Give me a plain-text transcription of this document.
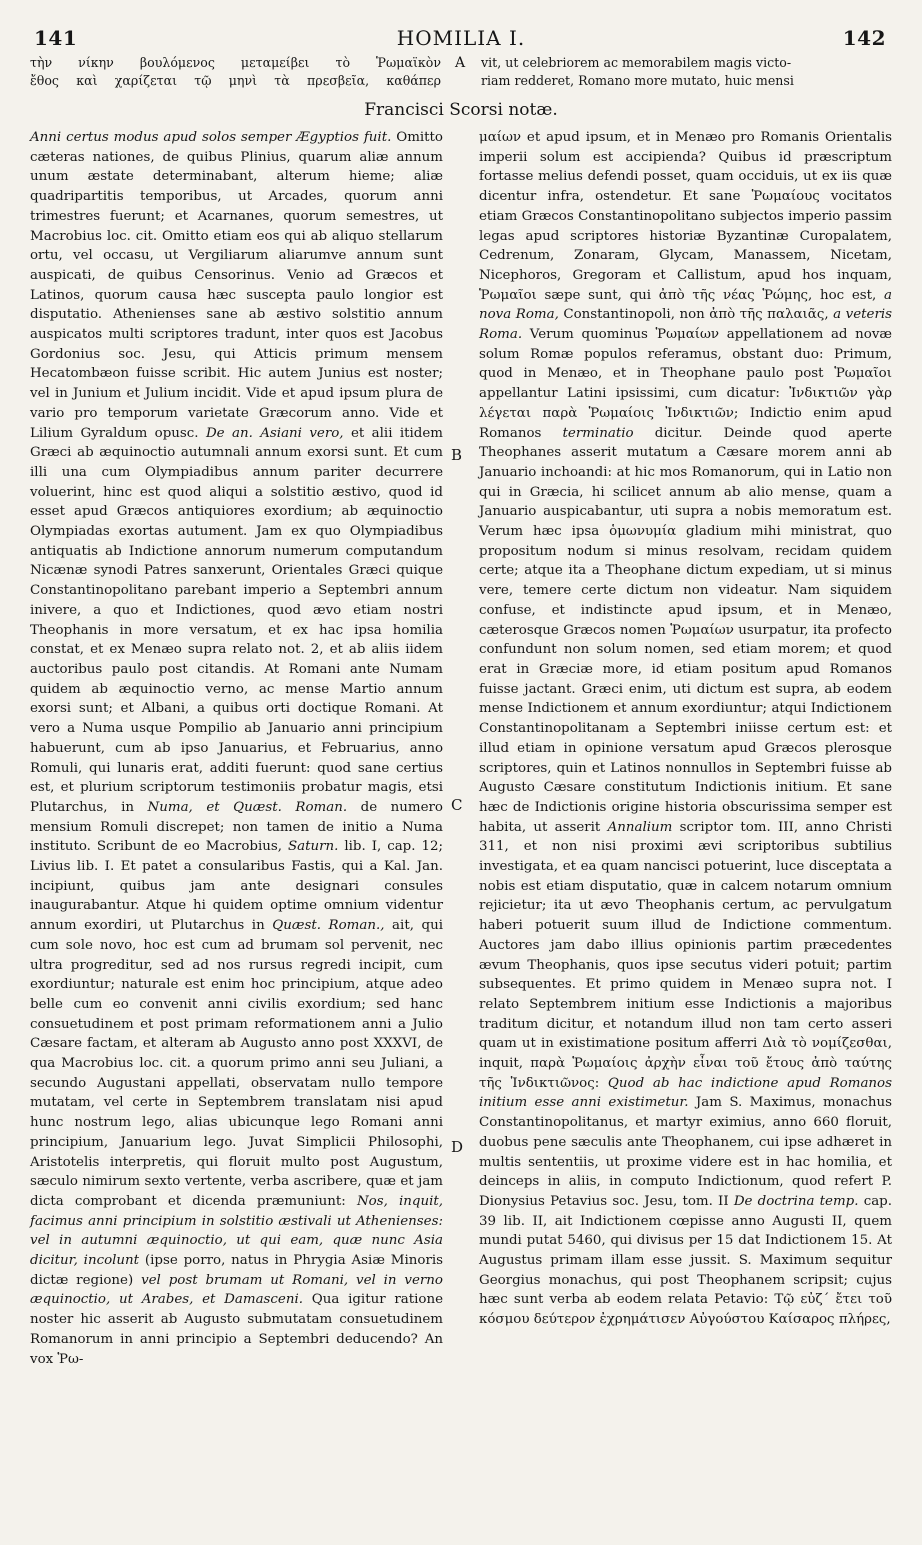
141	HOMILIA I.	142
τὴν νίκην βουλόμενος μεταμείβει τὸ Ῥωμαϊκὸν
ἔθος καὶ χαρίζεται τῷ μηνὶ τὰ πρεσβεῖα, καθάπερ
A vit, ut celebriorem ac memorabilem magis victo-
riam redderet, Romano more mutato, huic mensi
Francisci Scorsi notæ.
B
C
D

Anni certus modus apud solos semper Ægyptios fuit. Omitto cæteras nationes, de quibus Plinius, quarum aliæ annum unum æstate determinabant, alterum hieme; aliæ quadripartitis temporibus, ut Arcades, quorum anni trimestres fuerunt; et Acarnanes, quorum semestres, ut Macrobius loc. cit. Omitto etiam eos qui ab aliquo stellarum ortu, vel occasu, ut Vergiliarum aliarumve annum sunt auspicati, de quibus Censorinus. Venio ad Græcos et Latinos, quorum causa hæc suscepta paulo longior est disputatio. Athenienses sane ab æstivo solstitio annum auspicatos multi scriptores tradunt, inter quos est Jacobus Gordonius soc. Jesu, qui Atticis primum mensem Hecatombæon fuisse scribit. Hic autem Junius est noster; vel in Junium et Julium incidit. Vide et apud ipsum plura de vario pro temporum varietate Græcorum anno. Vide et Lilium Gyraldum opusc. De an. Asiani vero, et alii itidem Græci ab æquinoctio autumnali annum exorsi sunt. Et cum illi una cum Olympiadibus annum pariter decurrere voluerint, hinc est quod aliqui a solstitio æstivo, quod id esset apud Græcos antiquiores exordium; ab æquinoctio Olympiadas exortas autument. Jam ex quo Olympiadibus antiquatis ab Indictione annorum numerum computandum Nicænæ synodi Patres sanxerunt, Orientales Græci quique Constantinopolitano parebant imperio a Septembri annum inivere, a quo et Indictiones, quod ævo etiam nostri Theophanis in more versatum, et ex hac ipsa homilia constat, et ex Menæo supra relato not. 2, et ab aliis iidem auctoribus paulo post citandis. At Romani ante Numam quidem ab æquinoctio verno, ac mense Martio annum exorsi sunt; et Albani, a quibus orti doctique Romani. At vero a Numa usque Pompilio ab Januario anni principium habuerunt, cum ab ipso Januarius, et Februarius, anno Romuli, qui lunaris erat, additi fuerunt: quod sane certius est, et plurium scriptorum testimoniis probatur magis, etsi Plutarchus, in Numa, et Quæst. Roman. de numero mensium Romuli discrepet; non tamen de initio a Numa instituto. Scribunt de eo Macrobius, Saturn. lib. I, cap. 12; Livius lib. I. Et patet a consularibus Fastis, qui a Kal. Jan. incipiunt, quibus jam ante designari consules inaugurabantur. Atque hi quidem optime omnium videntur annum exordiri, ut Plutarchus in Quæst. Roman., ait, qui cum sole novo, hoc est cum ad brumam sol pervenit, nec ultra progreditur, sed ad nos rursus regredi incipit, cum exordiuntur; naturale est enim hoc principium, atque adeo belle cum eo convenit anni civilis exordium; sed hanc consuetudinem et post primam reformationem anni a Julio Cæsare factam, et alteram ab Augusto anno post XXXVI, de qua Macrobius loc. cit. a quorum primo anni seu Juliani, a secundo Augustani appellati, observatam nullo tempore mutatam, vel certe in Septembrem translatam nisi apud hunc nostrum lego, alias ubicunque lego Romani anni principium, Januarium lego. Juvat Simplicii Philosophi, Aristotelis interpretis, qui floruit multo post Augustum, sæculo nimirum sexto vertente, verba ascribere, quæ et jam dicta comprobant et dicenda præmuniunt: Nos, inquit, facimus anni principium in solstitio æstivali ut Athenienses: vel in autumni æquinoctio, ut qui eam, quæ nunc Asia dicitur, incolunt (ipse porro, natus in Phrygia Asiæ Minoris dictæ regione) vel post brumam ut Romani, vel in verno æquinoctio, ut Arabes, et Damasceni. Qua igitur ratione noster hic asserit ab Augusto submutatam consuetudinem Romanorum in anni principio a Septembri deducendo? An vox Ῥω-

μαίων et apud ipsum, et in Menæo pro Romanis Orientalis imperii solum est accipienda? Quibus id præscriptum fortasse melius defendi posset, quam occiduis, ut ex iis quæ dicentur infra, ostendetur. Et sane Ῥωμαίους vocitatos etiam Græcos Constantinopolitano subjectos imperio passim legas apud scriptores historiæ Byzantinæ Curopalatem, Cedrenum, Zonaram, Glycam, Manassem, Nicetam, Nicephoros, Gregoram et Callistum, apud hos inquam, Ῥωμαῖοι sæpe sunt, qui ἀπὸ τῆς νέας Ῥώμης, hoc est, a nova Roma, Constantinopoli, non ἀπὸ τῆς παλαιᾶς, a veteris Roma. Verum quominus Ῥωμαίων appellationem ad novæ solum Romæ populos referamus, obstant duo: Primum, quod in Menæo, et in Theophane paulo post Ῥωμαῖοι appellantur Latini ipsissimi, cum dicatur: Ἰνδικτιῶν γὰρ λέγεται παρὰ Ῥωμαίοις Ἰνδικτιῶν; Indictio enim apud Romanos terminatio dicitur. Deinde quod aperte Theophanes asserit mutatum a Cæsare morem anni ab Januario inchoandi: at hic mos Romanorum, qui in Latio non qui in Græcia, hi scilicet annum ab alio mense, quam a Januario auspicabantur, uti supra a nobis memoratum est. Verum hæc ipsa ὁμωνυμία gladium mihi ministrat, quo propositum nodum si minus resolvam, recidam quidem certe; atque ita a Theophane dictum expediam, ut si minus vere, temere certe dictum non videatur. Nam siquidem confuse, et indistincte apud ipsum, et in Menæo, cæterosque Græcos nomen Ῥωμαίων usurpatur, ita profecto confundunt non solum nomen, sed etiam morem; et quod erat in Græciæ more, id etiam positum apud Romanos fuisse jactant. Græci enim, uti dictum est supra, ab eodem mense Indictionem et annum exordiuntur; atqui Indictionem Constantinopolitanam a Septembri iniisse certum est: et illud etiam in opinione versatum apud Græcos plerosque scriptores, quin et Latinos nonnullos in Septembri fuisse ab Augusto Cæsare constitutum Indictionis initium. Et sane hæc de Indictionis origine historia obscurissima semper est habita, ut asserit Annalium scriptor tom. III, anno Christi 311, et non nisi proximi ævi scriptoribus subtilius investigata, et ea quam nancisci potuerint, luce disceptata a nobis est etiam disputatio, quæ in calcem notarum omnium rejicietur; ita ut ævo Theophanis certum, ac pervulgatum haberi potuerit suum illud de Indictione commentum. Auctores jam dabo illius opinionis partim præcedentes ævum Theophanis, quos ipse secutus videri potuit; partim subsequentes. Et primo quidem in Menæo supra not. I relato Septembrem initium esse Indictionis a majoribus traditum dicitur, et notandum illud non tam certo asseri quam ut in existimatione positum afferri Διὰ τὸ νομίζεσθαι, inquit, παρὰ Ῥωμαίοις ἀρχὴν εἶναι τοῦ ἔτους ἀπὸ ταύτης τῆς Ἰνδικτιῶνος: Quod ab hac indictione apud Romanos initium esse anni existimetur. Jam S. Maximus, monachus Constantinopolitanus, et martyr eximius, anno 660 floruit, duobus pene sæculis ante Theophanem, cui ipse adhæret in multis sententiis, ut proxime videre est in hac homilia, et deinceps in aliis, in computo Indictionum, quod refert P. Dionysius Petavius soc. Jesu, tom. II De doctrina temp. cap. 39 lib. II, ait Indictionem cœpisse anno Augusti II, quem mundi putat 5460, qui divisus per 15 dat Indictionem 15. At Augustus primam illam esse jussit. S. Maximum sequitur Georgius monachus, qui post Theophanem scripsit; cujus hæc sunt verba ab eodem relata Petavio: Τῷ εὐζ´ ἔτει τοῦ κόσμου δεύτερον ἐχρημάτισεν Αὐγούστου Καίσαρος πλήρες,
